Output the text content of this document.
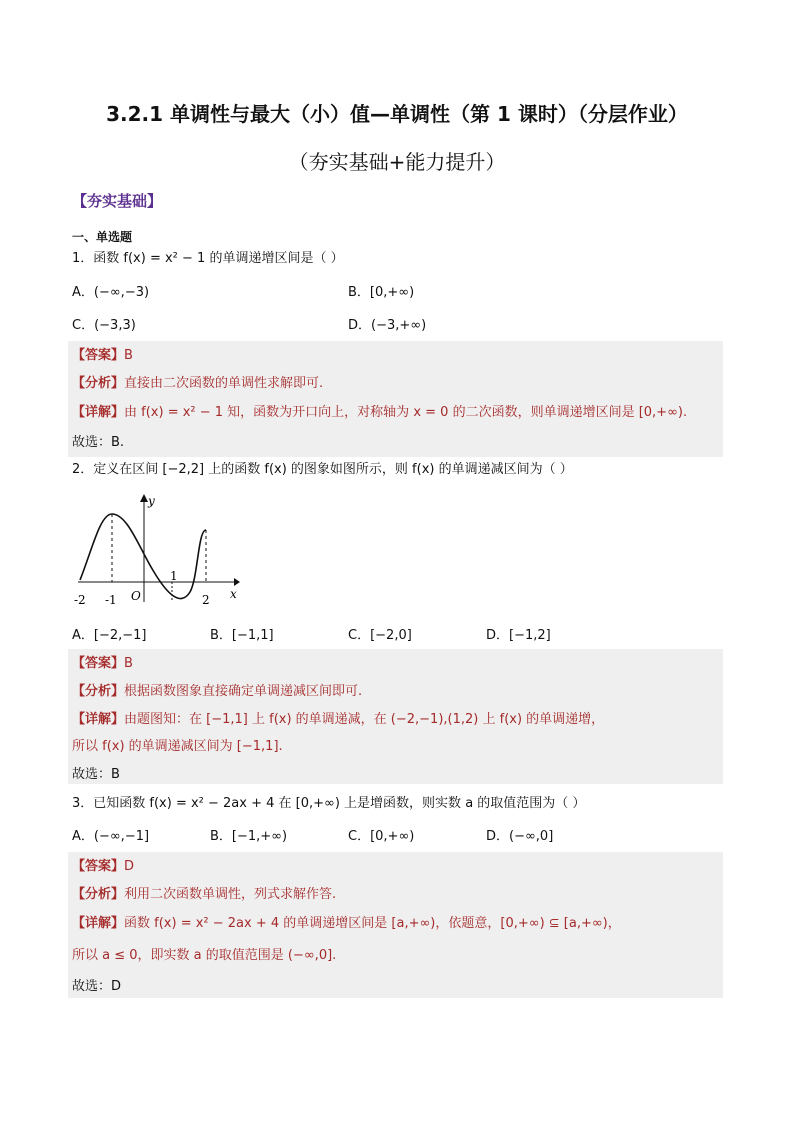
3.2.1 单调性与最大（小）值—单调性（第 1 课时）（分层作业）
（夯实基础+能力提升）
【夯实基础】
一、单选题
1．函数 f(x) = x² − 1 的单调递增区间是（ ）
A．(−∞,−3)	B．[0,+∞)
C．(−3,3)	D．(−3,+∞)
【答案】B
【分析】直接由二次函数的单调性求解即可.
【详解】由 f(x) = x² − 1 知，函数为开口向上，对称轴为 x = 0 的二次函数，则单调递增区间是 [0,+∞).
故选：B.
2．定义在区间 [−2,2] 上的函数 f(x) 的图象如图所示，则 f(x) 的单调递减区间为（ ）
y
x
O
-2 -1
1
2
A．[−2,−1]	B．[−1,1]	C．[−2,0]	D．[−1,2]
【答案】B
【分析】根据函数图象直接确定单调递减区间即可.
【详解】由题图知：在 [−1,1] 上 f(x) 的单调递减，在 (−2,−1),(1,2) 上 f(x) 的单调递增，
所以 f(x) 的单调递减区间为 [−1,1].
故选：B
3．已知函数 f(x) = x² − 2ax + 4 在 [0,+∞) 上是增函数，则实数 a 的取值范围为（ ）
A．(−∞,−1]	B．[−1,+∞)	C．[0,+∞)	D．(−∞,0]
【答案】D
【分析】利用二次函数单调性，列式求解作答.
【详解】函数 f(x) = x² − 2ax + 4 的单调递增区间是 [a,+∞)，依题意，[0,+∞) ⊆ [a,+∞)，
所以 a ≤ 0，即实数 a 的取值范围是 (−∞,0].
故选：D
